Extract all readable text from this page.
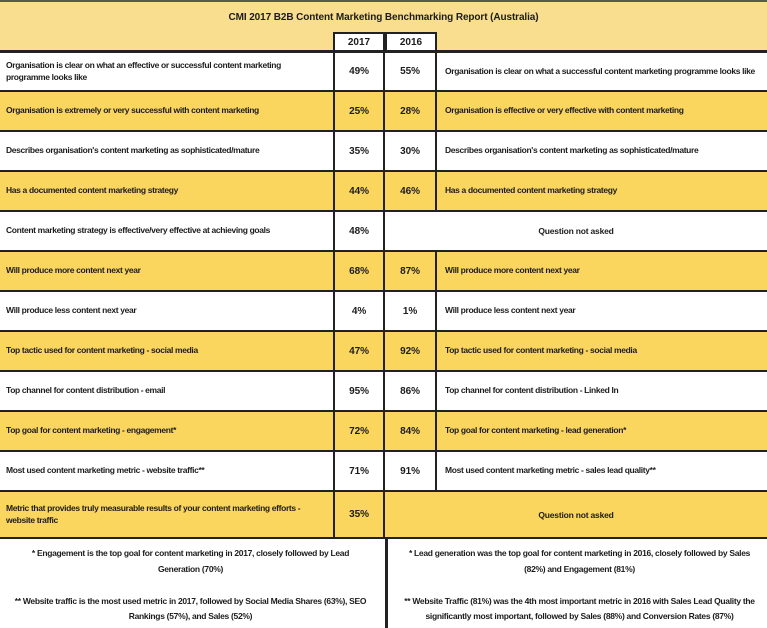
CMI 2017 B2B Content Marketing Benchmarking Report (Australia)
2017	2016
Organisation is clear on what an effective or successful content marketing programme looks like	49%	55%	Organisation is clear on what a successful content marketing programme looks like
Organisation is extremely or very successful with content marketing	25%	28%	Organisation is effective or very effective with content marketing
Describes organisation's content marketing as sophisticated/mature	35%	30%	Describes organisation's content marketing as sophisticated/mature
Has a documented content marketing strategy	44%	46%	Has a documented content marketing strategy
Content marketing strategy is effective/very effective at achieving goals	48%	Question not asked
Will produce more content next year	68%	87%	Will produce more content next year
Will produce less content next year	4%	1%	Will produce less content next year
Top tactic used for content marketing - social media	47%	92%	Top tactic used for content marketing - social media
Top channel for content distribution - email	95%	86%	Top channel for content distribution - Linked In
Top goal for content marketing - engagement*	72%	84%	Top goal for content marketing - lead generation*
Most used content marketing metric - website traffic**	71%	91%	Most used content marketing metric - sales lead quality**
Metric that provides truly measurable results of your content marketing efforts - website traffic	35%	Question not asked
* Engagement is the top goal for content marketing in 2017, closely followed by Lead Generation (70%)
** Website traffic is the most used metric in 2017, followed by Social Media Shares (63%), SEO Rankings (57%), and Sales (52%)
* Lead generation was the top goal for content marketing in 2016, closely followed by Sales (82%) and Engagement (81%)
** Website Traffic (81%) was the 4th most important metric in 2016 with Sales Lead Quality the significantly most important, followed by Sales (88%) and Conversion Rates (87%)
